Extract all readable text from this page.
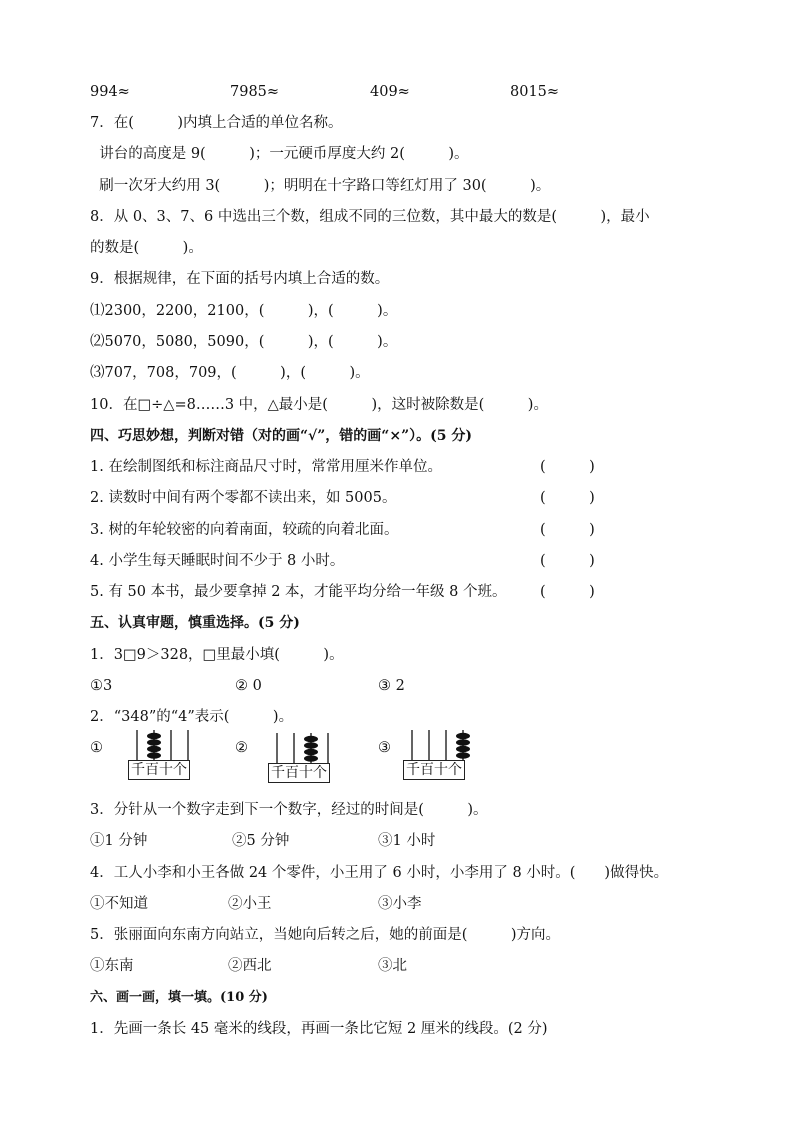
994≈

	7985≈

	409≈

	8015≈

7．在(　　　)内填上合适的单位名称。
讲台的高度是 9(　　　)；一元硬币厚度大约 2(　　　)。
刷一次牙大约用 3(　　　)；明明在十字路口等红灯用了 30(　　　)。
8．从 0、3、7、6 中选出三个数，组成不同的三位数，其中最大的数是(　　　)，最小
的数是(　　　)。
9．根据规律，在下面的括号内填上合适的数。
⑴2300，2200，2100，(　　　)，(　　　)。
⑵5070，5080，5090，(　　　)，(　　　)。
⑶707，708，709，(　　　)，(　　　)。
10．在□÷△=8……3 中，△最小是(　　　)，这时被除数是(　　　)。
四、巧思妙想，判断对错（对的画“√”，错的画“×”）。(5 分)
1. 在绘制图纸和标注商品尺寸时，常常用厘米作单位。	(　　　)
2. 读数时中间有两个零都不读出来，如 5005。	(　　　)
3. 树的年轮较密的向着南面，较疏的向着北面。	(　　　)
4. 小学生每天睡眠时间不少于 8 小时。	(　　　)
5. 有 50 本书，最少要拿掉 2 本，才能平均分给一年级 8 个班。 (　　　)
五、认真审题，慎重选择。(5 分)
1．3□9＞328，□里最小填(　　　)。
①3	② 0	③ 2
2．“348”的“4”表示(　　　)。
①
千百十个
②
千百十个
③
千百十个
3．分针从一个数字走到下一个数字，经过的时间是(　　　)。
①1 分钟	②5 分钟	③1 小时
4．工人小李和小王各做 24 个零件，小王用了 6 小时，小李用了 8 小时。(　　)做得快。
①不知道	②小王	③小李
5．张丽面向东南方向站立，当她向后转之后，她的前面是(　　　)方向。
①东南	②西北	③北
六、画一画，填一填。(10 分)
1．先画一条长 45 毫米的线段，再画一条比它短 2 厘米的线段。(2 分)
